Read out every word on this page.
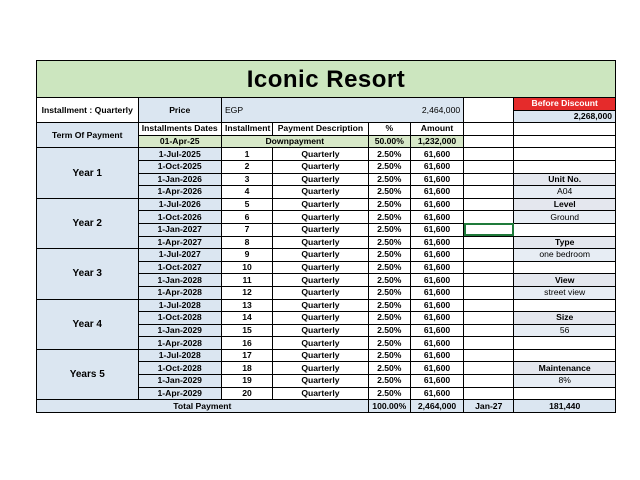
Iconic Resort							
Installment : Quarterly	Price	EGP 2,464,000					Before Discount
							2,268,000
Term Of Payment	Installments Dates	Installment	Payment Description	%	Amount		
	01-Apr-25	Downpayment		50.00%	1,232,000		
Year 1	1-Jul-2025	1	Quarterly	2.50%	61,600		
	1-Oct-2025	2	Quarterly	2.50%	61,600		
	1-Jan-2026	3	Quarterly	2.50%	61,600		Unit No.
	1-Apr-2026	4	Quarterly	2.50%	61,600		A04
Year 2	1-Jul-2026	5	Quarterly	2.50%	61,600		Level
	1-Oct-2026	6	Quarterly	2.50%	61,600		Ground
	1-Jan-2027	7	Quarterly	2.50%	61,600		
	1-Apr-2027	8	Quarterly	2.50%	61,600		Type
Year 3	1-Jul-2027	9	Quarterly	2.50%	61,600		one bedroom
	1-Oct-2027	10	Quarterly	2.50%	61,600		
	1-Jan-2028	11	Quarterly	2.50%	61,600		View
	1-Apr-2028	12	Quarterly	2.50%	61,600		street view
Year 4	1-Jul-2028	13	Quarterly	2.50%	61,600		
	1-Oct-2028	14	Quarterly	2.50%	61,600		Size
	1-Jan-2029	15	Quarterly	2.50%	61,600		56
	1-Apr-2028	16	Quarterly	2.50%	61,600		
Years 5	1-Jul-2028	17	Quarterly	2.50%	61,600		
	1-Oct-2028	18	Quarterly	2.50%	61,600		Maintenance
	1-Jan-2029	19	Quarterly	2.50%	61,600		8%
	1-Apr-2029	20	Quarterly	2.50%	61,600		
Total Payment				100.00%	2,464,000	Jan-27	181,440
